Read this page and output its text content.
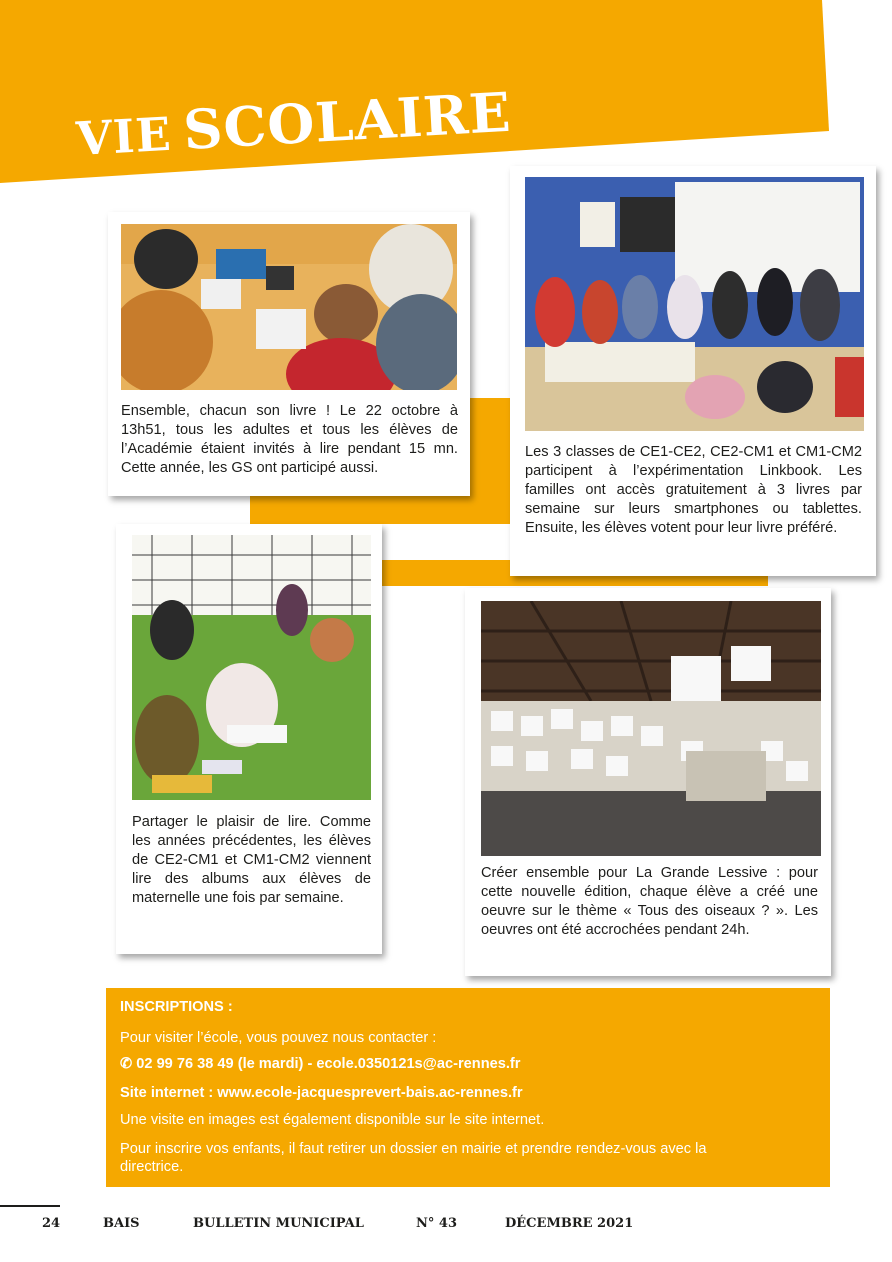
VIE SCOLAIRE

Ensemble, chacun son livre ! Le 22 octobre à 13h51, tous les adultes et tous les élèves de l’Académie étaient invités à lire pendant 15 mn. Cette année, les GS ont participé aussi.

Les 3 classes de CE1-CE2, CE2-CM1 et CM1-CM2 participent à l’expérimentation Linkbook. Les familles ont accès gratuitement à 3 livres par semaine sur leurs smartphones ou tablettes. Ensuite, les élèves votent pour leur livre préféré.

Partager le plaisir de lire. Comme les années précédentes, les élèves de CE2-CM1 et CM1-CM2 viennent lire des albums aux élèves de maternelle une fois par semaine.

Créer ensemble pour La Grande Lessive : pour cette nouvelle édition, chaque élève a créé une oeuvre sur le thème « Tous des oiseaux ? ». Les oeuvres ont été accrochées pendant 24h.

INSCRIPTIONS :

Pour visiter l’école, vous pouvez nous contacter :

✆ 02 99 76 38 49 (le mardi) - ecole.0350121s@ac-rennes.fr

Site internet : www.ecole-jacquesprevert-bais.ac-rennes.fr

Une visite en images est également disponible sur le site internet.

Pour inscrire vos enfants, il faut retirer un dossier en mairie et prendre rendez-vous avec la directrice.

24	BAIS	BULLETIN MUNICIPAL	N° 43	DÉCEMBRE 2021
